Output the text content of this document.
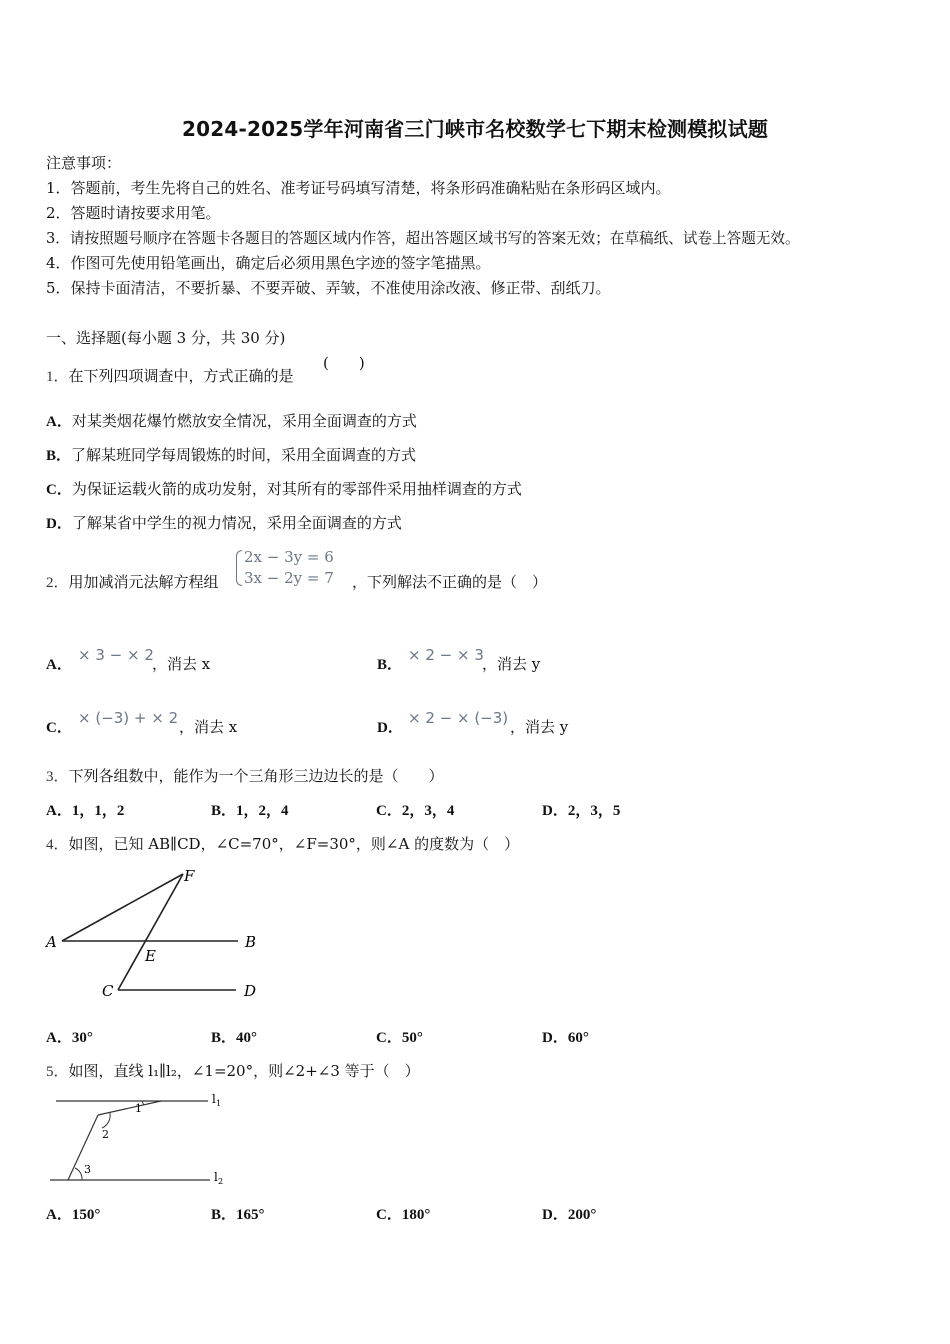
2024-2025学年河南省三门峡市名校数学七下期末检测模拟试题
注意事项：
1．答题前，考生先将自己的姓名、准考证号码填写清楚，将条形码准确粘贴在条形码区域内。
2．答题时请按要求用笔。
3．请按照题号顺序在答题卡各题目的答题区域内作答，超出答题区域书写的答案无效；在草稿纸、试卷上答题无效。
4．作图可先使用铅笔画出，确定后必须用黑色字迹的签字笔描黑。
5．保持卡面清洁，不要折暴、不要弄破、弄皱，不准使用涂改液、修正带、刮纸刀。
一、选择题(每小题 3 分，共 30 分)
1．在下列四项调查中，方式正确的是
(　　)
A．对某类烟花爆竹燃放安全情况，采用全面调查的方式
B．了解某班同学每周锻炼的时间，采用全面调查的方式
C．为保证运载火箭的成功发射，对其所有的零部件采用抽样调查的方式
D．了解某省中学生的视力情况，采用全面调查的方式
2．用加减消元法解方程组
2x − 3y = 6
3x − 2y = 7 ，下列解法不正确的是（　）
A．
× 3 − × 2
，消去 x	B．
× 2 − × 3
，消去 y
C．
× (−3) + × 2 ，消去 x	D．
× 2 − × (−3) ，消去 y
3．下列各组数中，能作为一个三角形三边边长的是（　　）
A．1，1，2	B．1，2，4	C．2，3，4	D．2，3，5
4．如图，已知 AB∥CD，∠C=70°，∠F=30°，则∠A 的度数为（　）
F
A	B
E
C	D
A．30°	B．40°	C．50°	D．60°
5．如图，直线 l₁∥l₂，∠1=20°，则∠2+∠3 等于（　）
l 1
l 2
1
2
3
A．150°	B．165°	C．180°	D．200°
